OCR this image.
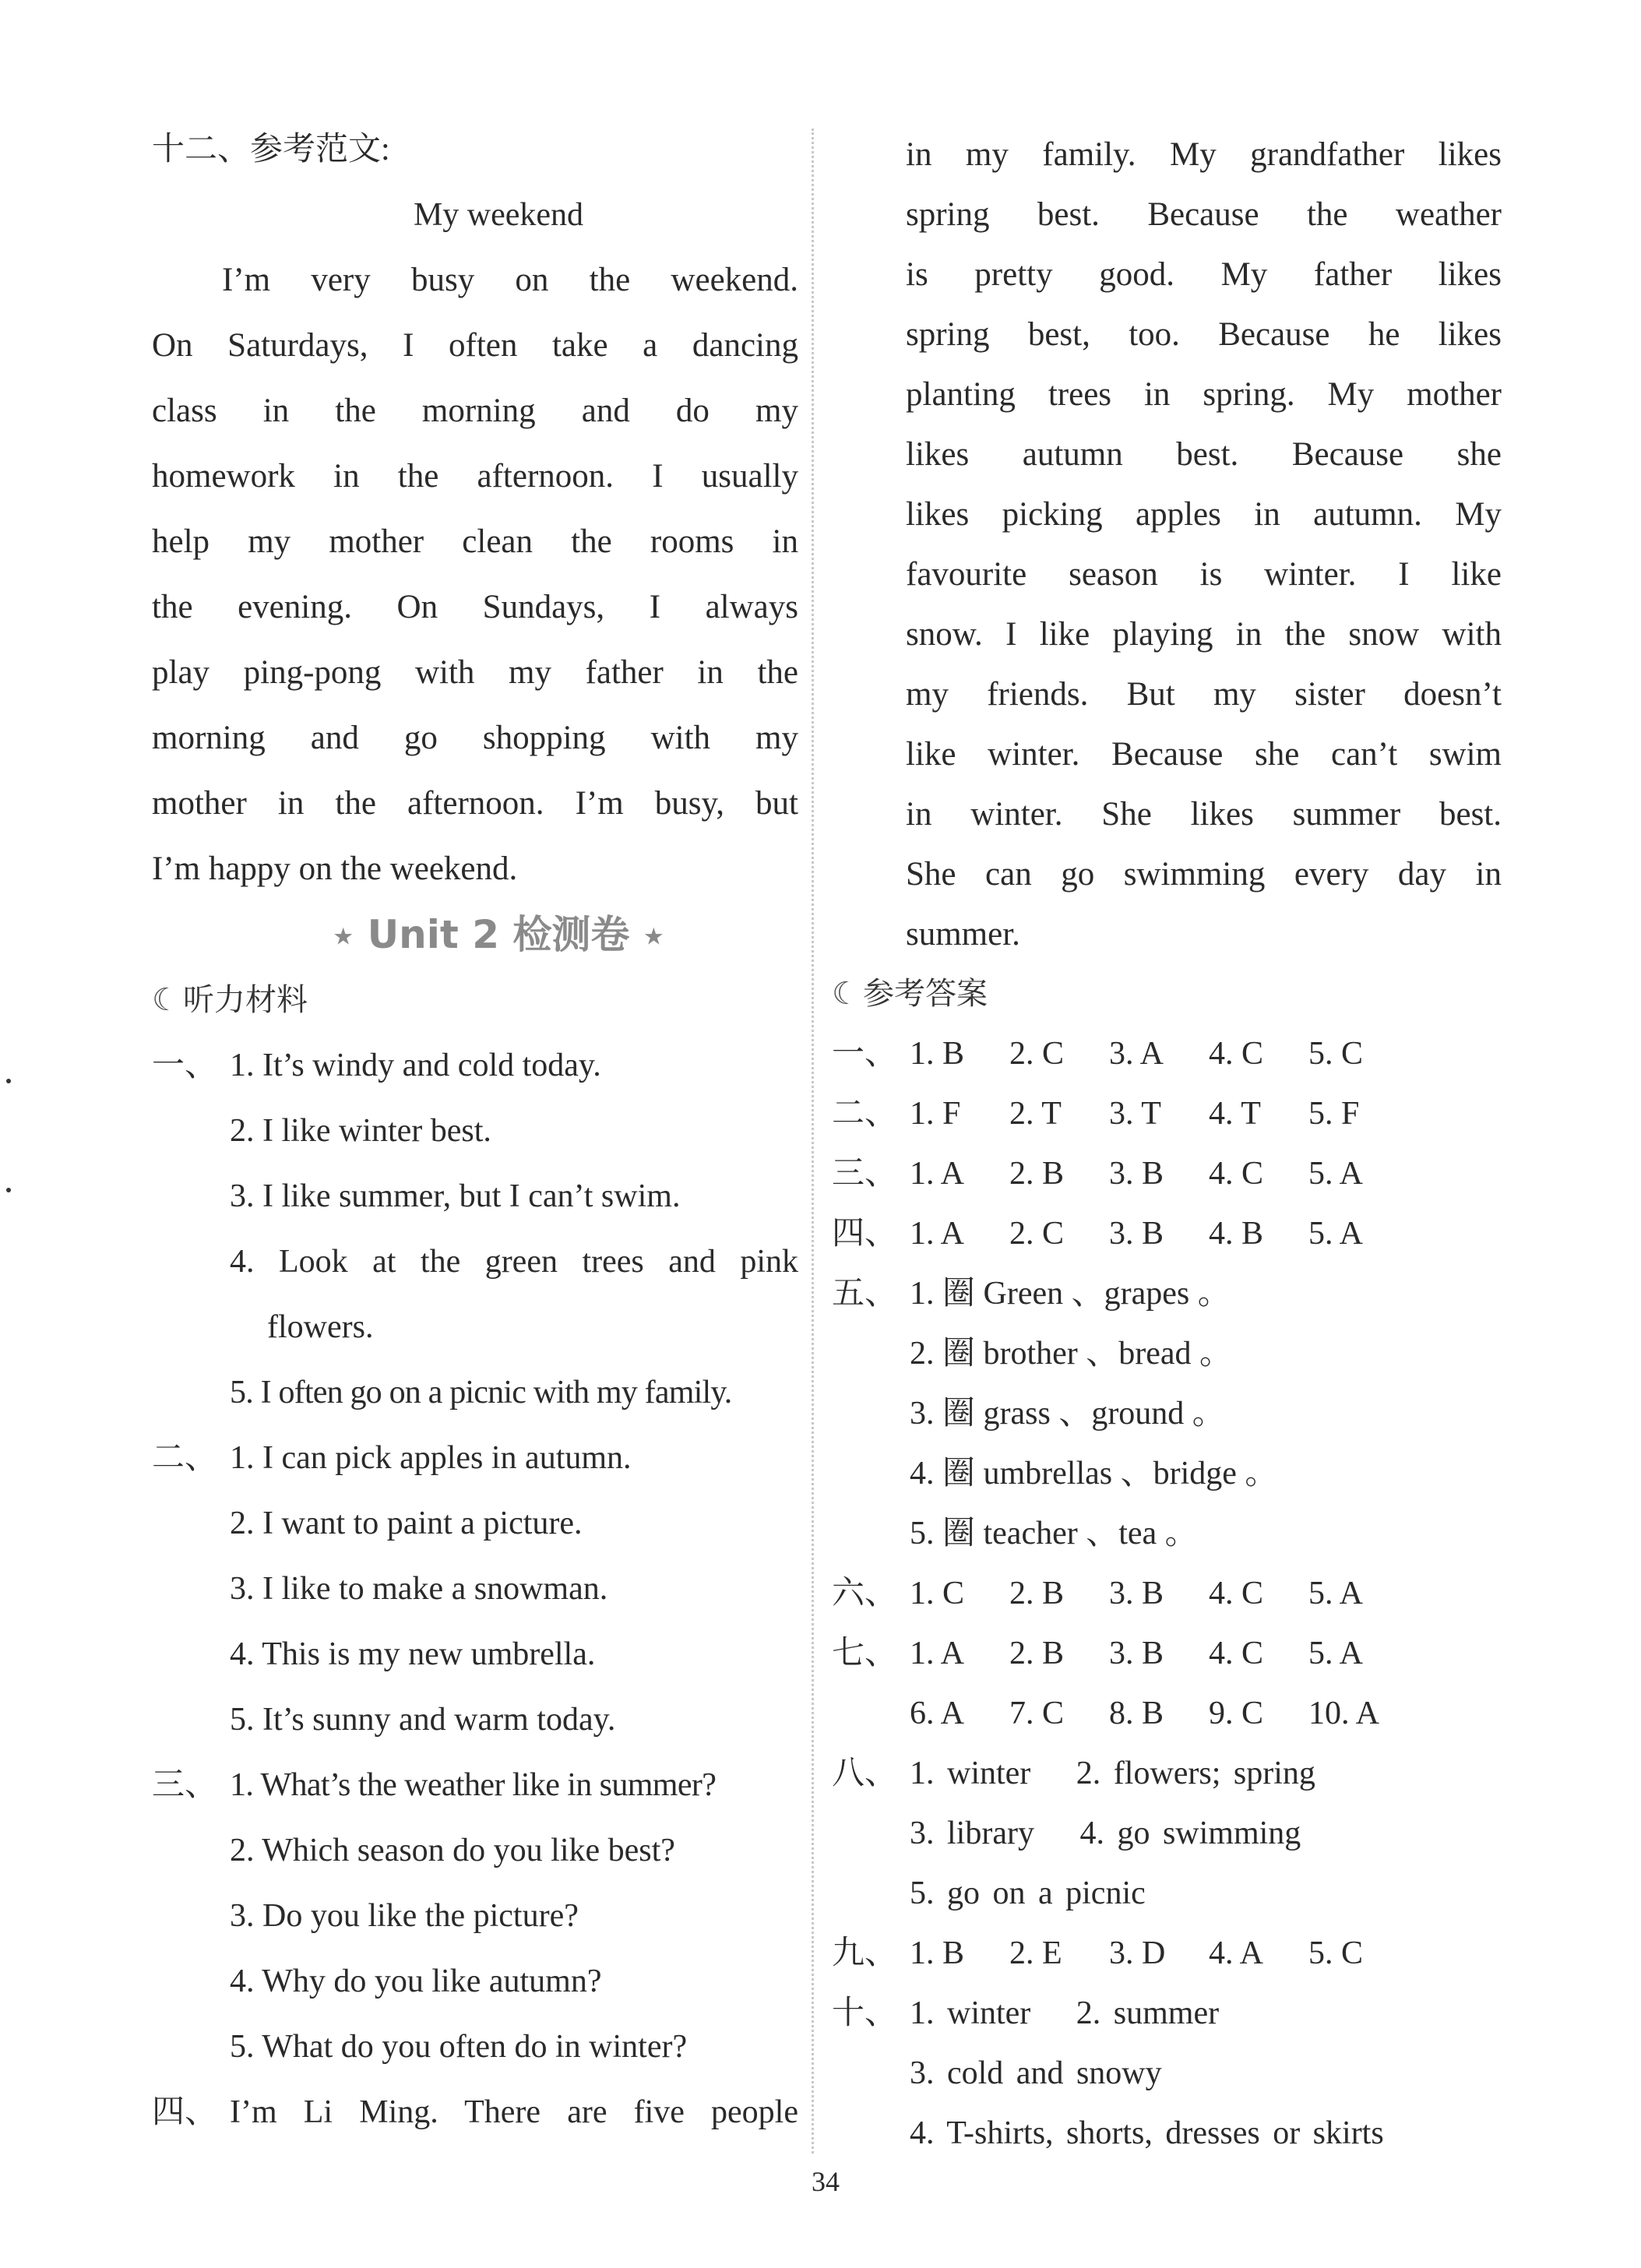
十二、参考范文:
My weekend
I’m very busy on the weekend.
On Saturdays, I often take a dancing
class in the morning and do my
homework in the afternoon. I usually
help my mother clean the rooms in
the evening. On Sundays, I always
play ping-pong with my father in the
morning and go shopping with my
mother in the afternoon. I’m busy, but
I’m happy on the weekend.
★ Unit 2 检测卷 ★
☾ 听力材料
一、 1. It’s windy and cold today.
2. I like winter best.
3. I like summer, but I can’t swim.
4. Look at the green trees and pink
flowers.
5. I often go on a picnic with my family.
二、 1. I can pick apples in autumn.
2. I want to paint a picture.
3. I like to make a snowman.
4. This is my new umbrella.
5. It’s sunny and warm today.
三、 1. What’s the weather like in summer?
2. Which season do you like best?
3. Do you like the picture?
4. Why do you like autumn?
5. What do you often do in winter?
四、 I’m Li Ming. There are five people
in my family. My grandfather likes
spring best. Because the weather
is pretty good. My father likes
spring best, too. Because he likes
planting trees in spring. My mother
likes autumn best. Because she
likes picking apples in autumn. My
favourite season is winter. I like
snow. I like playing in the snow with
my friends. But my sister doesn’t
like winter. Because she can’t swim
in winter. She likes summer best.
She can go swimming every day in
summer.
☾ 参考答案
一、 1. B 2. C 3. A 4. C 5. C
二、 1. F 2. T 3. T 4. T 5. F
三、 1. A 2. B 3. B 4. C 5. A
四、 1. A 2. C 3. B 4. B 5. A
五、 1. 圈 Green 、grapes 。
2. 圈 brother 、bread 。
3. 圈 grass 、ground 。
4. 圈 umbrellas 、bridge 。
5. 圈 teacher 、tea 。
六、 1. C 2. B 3. B 4. C 5. A
七、 1. A 2. B 3. B 4. C 5. A
6. A 7. C 8. B 9. C 10. A
八、 1. winter　 2. flowers; spring
3. library　 4. go swimming
5. go on a picnic
九、 1. B 2. E 3. D 4. A 5. C
十、 1. winter　 2. summer
3. cold and snowy
4. T-shirts, shorts, dresses or skirts
34
